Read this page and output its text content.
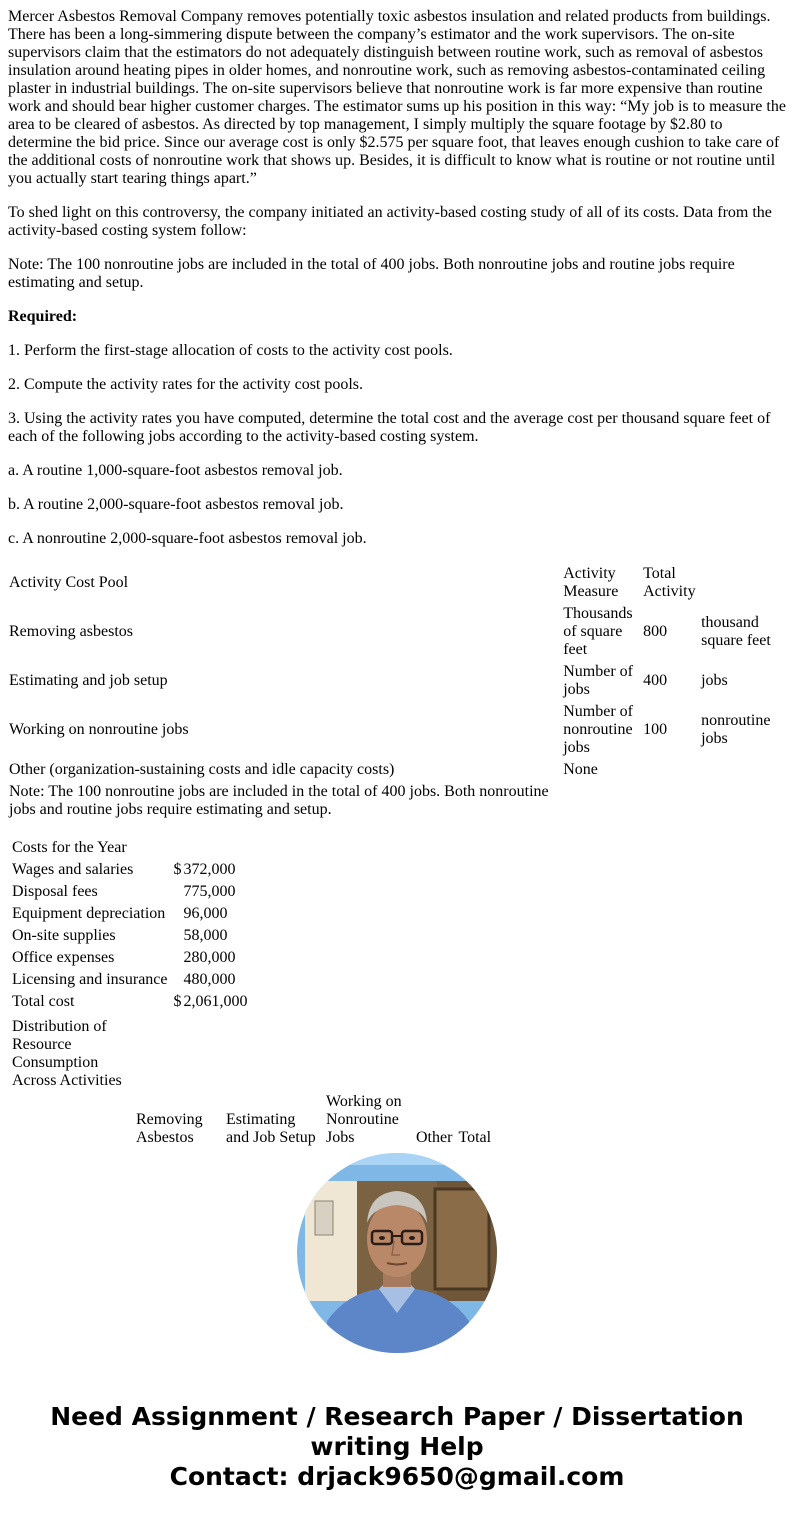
Mercer Asbestos Removal Company removes potentially toxic asbestos insulation and related products from buildings. There has been a long-simmering dispute between the company’s estimator and the work supervisors. The on-site supervisors claim that the estimators do not adequately distinguish between routine work, such as removal of asbestos insulation around heating pipes in older homes, and nonroutine work, such as removing asbestos-contaminated ceiling plaster in industrial buildings. The on-site supervisors believe that nonroutine work is far more expensive than routine work and should bear higher customer charges. The estimator sums up his position in this way: “My job is to measure the area to be cleared of asbestos. As directed by top management, I simply multiply the square footage by $2.80 to determine the bid price. Since our average cost is only $2.575 per square foot, that leaves enough cushion to take care of the additional costs of nonroutine work that shows up. Besides, it is difficult to know what is routine or not routine until you actually start tearing things apart.”

To shed light on this controversy, the company initiated an activity-based costing study of all of its costs. Data from the activity-based costing system follow:

Note: The 100 nonroutine jobs are included in the total of 400 jobs. Both nonroutine jobs and routine jobs require estimating and setup.

Required:

1. Perform the first-stage allocation of costs to the activity cost pools.

2. Compute the activity rates for the activity cost pools.

3. Using the activity rates you have computed, determine the total cost and the average cost per thousand square feet of each of the following jobs according to the activity-based costing system.

a. A routine 1,000-square-foot asbestos removal job.

b. A routine 2,000-square-foot asbestos removal job.

c. A nonroutine 2,000-square-foot asbestos removal job.

Activity Cost Pool	Activity Measure	Total Activity	
Removing asbestos	Thousands of square feet	800	thousand square feet
Estimating and job setup	Number of jobs	400	jobs
Working on nonroutine jobs	Number of nonroutine jobs	100	nonroutine jobs
Other (organization-sustaining costs and idle capacity costs)	None		
Note: The 100 nonroutine jobs are included in the total of 400 jobs. Both nonroutine jobs and routine jobs require estimating and setup.			
Costs for the Year		
Wages and salaries	$	372,000
Disposal fees		775,000
Equipment depreciation		96,000
On-site supplies		58,000
Office expenses		280,000
Licensing and insurance		480,000
Total cost	$	2,061,000
Distribution of Resource Consumption Across Activities
Removing Asbestos	Estimating and Job Setup	Working on Nonroutine Jobs	Other	Total
Need Assignment / Research Paper / Dissertation writing Help
Contact: drjack9650@gmail.com
